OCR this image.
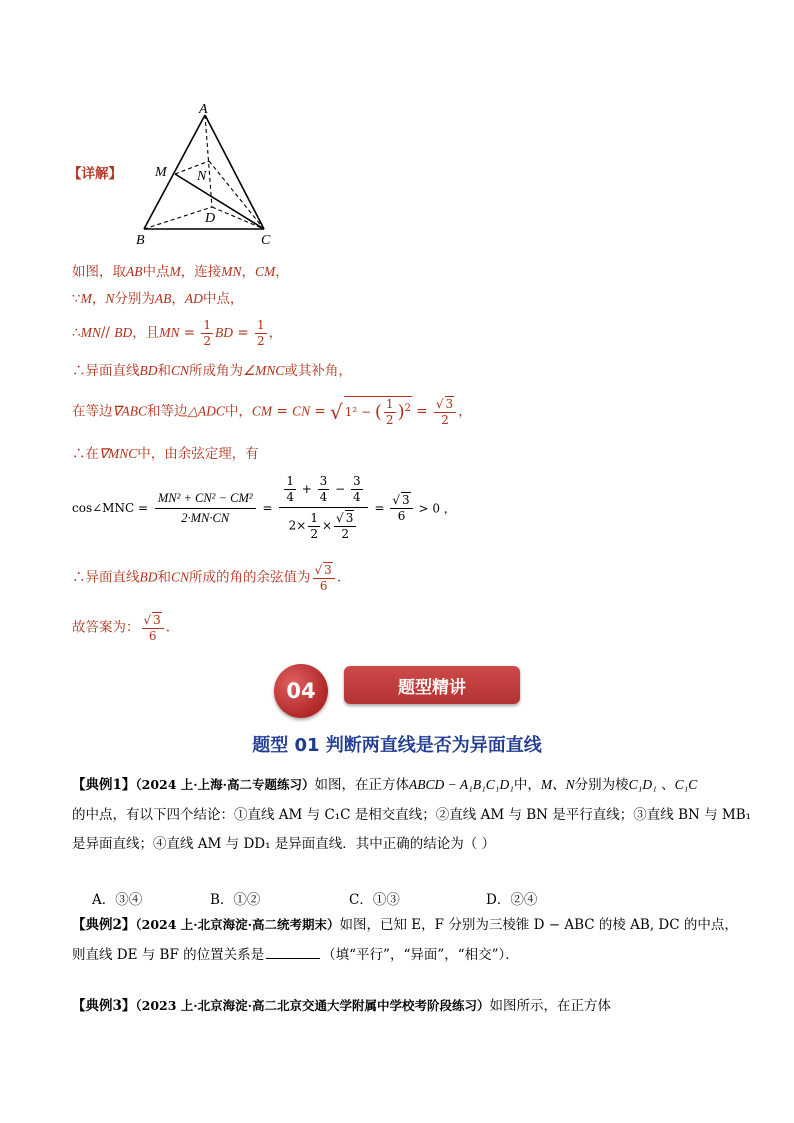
A
M N
D
B	C
【详解】
如图，取AB中点M，连接MN，CM，
∵M，N分别为AB，AD中点，
∴MN// BD，且MN = $\frac{1}{2}$ BD = $\frac{1}{2}$ ，
∴异面直线BD和CN所成角为∠MNC或其补角，
在等边∇ABC和等边△ADC中，CM = CN = √ 1² − ( $\frac{1}{2} )^2 = \frac{√ 3}{2}$ ，
∴在∇MNC中，由余弦定理，有
cos∠MNC = $\frac{\text{MN² + CN² − CM²}}{2\cdot MN\cdot CN} = \frac{\frac{1}{4} + \frac{3}{4} - \frac{3}{4}}{2\times \frac{1}{2} \times \frac{√ 3}{2}} = \frac{√ 3}{6} > 0$ ，
∴异面直线BD和CN所成的角的余弦值为 $\frac{√ 3}{6}$ .
故答案为： $\frac{√ 3}{6}$ .
04	题型精讲
题型 01 判断两直线是否为异面直线
【典例1】（2024 上·上海·高二专题练习）如图，在正方体ABCD − A₁B₁C₁D₁中，M、N分别为棱C₁D₁ 、C₁C
的中点，有以下四个结论：①直线 AM 与 C₁C 是相交直线；②直线 AM 与 BN 是平行直线；③直线 BN 与 MB₁
是异面直线；④直线 AM 与 DD₁ 是异面直线．其中正确的结论为（ ）
A．③④	B．①②	C．①③	D．②④
【典例2】（2024 上·北京海淀·高二统考期末）如图，已知 E，F 分别为三棱锥 D − ABC 的棱 AB, DC 的中点，
则直线 DE 与 BF 的位置关系是	（填“平行”，“异面”，“相交”）．
【典例3】（2023 上·北京海淀·高二北京交通大学附属中学校考阶段练习）如图所示，在正方体
